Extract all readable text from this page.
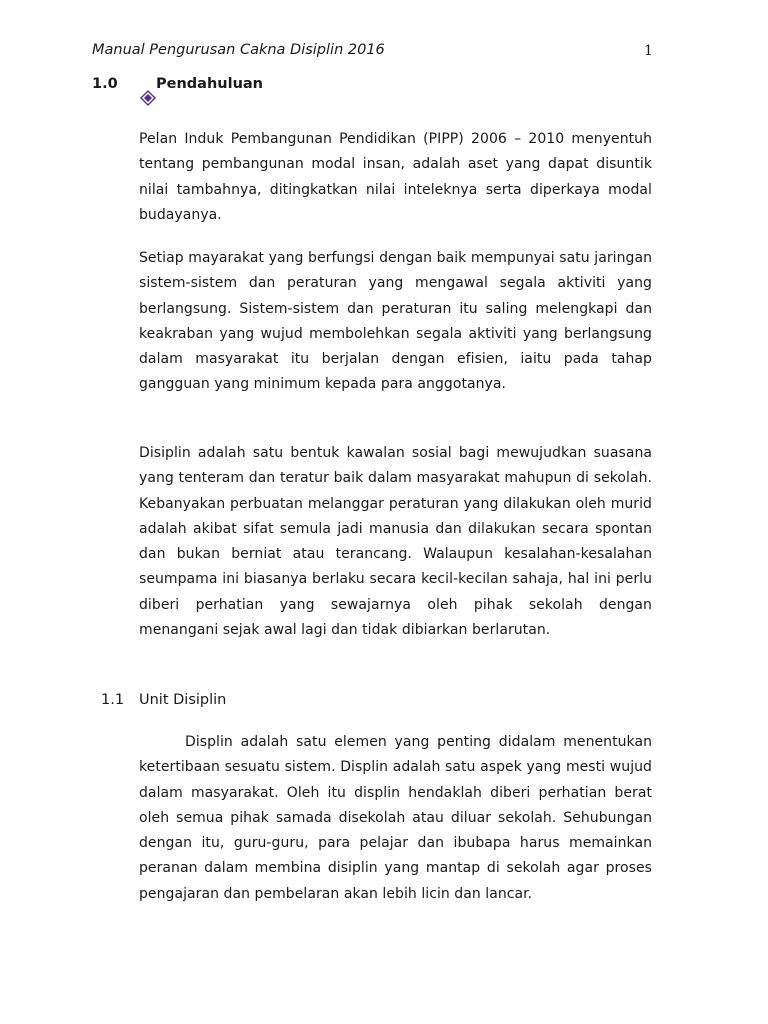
Manual Pengurusan Cakna Disiplin 2016	1
1.0	Pendahuluan

Pelan Induk Pembangunan Pendidikan (PIPP) 2006 – 2010 menyentuh tentang pembangunan modal insan, adalah aset yang dapat disuntik nilai tambahnya, ditingkatkan nilai inteleknya serta diperkaya modal budayanya.

Setiap mayarakat yang berfungsi dengan baik mempunyai satu jaringan sistem-sistem dan peraturan yang mengawal segala aktiviti yang berlangsung. Sistem-sistem dan peraturan itu saling melengkapi dan keakraban yang wujud membolehkan segala aktiviti yang berlangsung dalam masyarakat itu berjalan dengan efisien, iaitu pada tahap gangguan yang minimum kepada para anggotanya.

Disiplin adalah satu bentuk kawalan sosial bagi mewujudkan suasana yang tenteram dan teratur baik dalam masyarakat mahupun di sekolah. Kebanyakan perbuatan melanggar peraturan yang dilakukan oleh murid adalah akibat sifat semula jadi manusia dan dilakukan secara spontan dan bukan berniat atau terancang. Walaupun kesalahan-kesalahan seumpama ini biasanya berlaku secara kecil-kecilan sahaja, hal ini perlu diberi perhatian yang sewajarnya oleh pihak sekolah dengan menangani sejak awal lagi dan tidak dibiarkan berlarutan.

1.1 Unit Disiplin

Displin adalah satu elemen yang penting didalam menentukan ketertibaan sesuatu sistem. Displin adalah satu aspek yang mesti wujud dalam masyarakat. Oleh itu displin hendaklah diberi perhatian berat oleh semua pihak samada disekolah atau diluar sekolah. Sehubungan dengan itu, guru-guru, para pelajar dan ibubapa harus memainkan peranan dalam membina disiplin yang mantap di sekolah agar proses pengajaran dan pembelaran akan lebih licin dan lancar.
